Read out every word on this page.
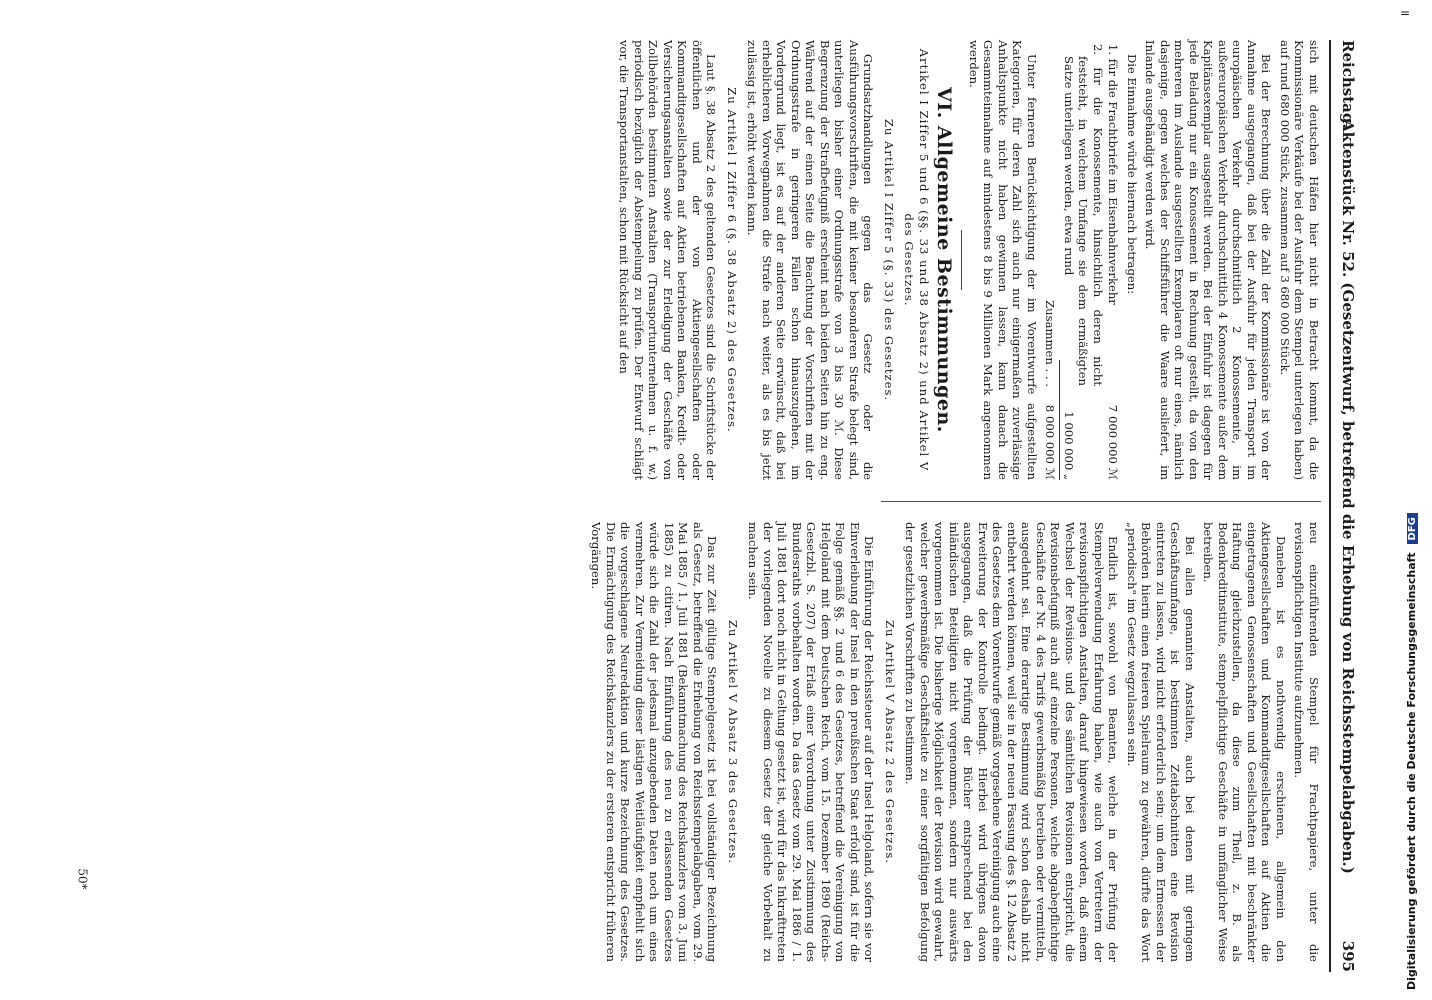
Reichstag.
Aktenstück Nr. 52. (Gesetzentwurf, betreffend die Erhebung von Reichsstempelabgaben.)
395

sich mit deutschen Häfen hier nicht in Betracht kommt, da die Kommissionäre Verkäufe bei der Ausfuhr dem Stempel unterlegen haben) auf rund 680 000 Stück, zusammen auf 3 680 000 Stück.

Bei der Berechnung über die Zahl der Kommissionäre ist von der Annahme ausgegangen, daß bei der Ausfuhr für jeden Transport im europäischen Verkehr durchschnittlich 2 Konossemente, im außereuropäischen Verkehr durchschnittlich 4 Konossemente außer dem Kapitänsexemplar ausgestellt werden. Bei der Einfuhr ist dagegen für jede Beladung nur ein Konossement in Rechnung gestellt, da von den mehreren im Auslande ausgestellten Exemplaren oft nur eines, nämlich dasjenige, gegen welches der Schiffsführer die Waare ausliefert, im Inlande ausgehändigt werden wird.

Die Einnahme würde hiernach betragen:

1. für die Frachtbriefe im Eisenbahnverkehr
7 000 000 ℳ
2. für die Konossemente, hinsichtlich deren nicht feststeht, in welchem Umfange sie dem ermäßigten Satze unterliegen werden, etwa rund
1 000 000 „
Zusammen . . .
8 000 000 ℳ

Unter ferneren Berücksichtigung der im Vorentwurfe aufgestellten Kategorien, für deren Zahl sich auch nur einigermaßen zuverlässige Anhaltspunkte nicht haben gewinnen lassen, kann danach die Gesammteinnahme auf mindestens 8 bis 9 Millionen Mark angenommen werden.

VI. Allgemeine Bestimmungen.

Artikel I Ziffer 5 und 6 (§§. 33 und 38 Absatz 2) und Artikel V des Gesetzes.

Zu Artikel I Ziffer 5 (§. 33) des Gesetzes.

Grundsatzhandlungen gegen das Gesetz oder die Ausführungsvorschriften, die mit keiner besonderen Strafe belegt sind, unterliegen bisher einer Ordnungsstrafe von 3 bis 30 ℳ. Diese Begrenzung der Strafbefugniß erscheint nach beiden Seiten hin zu eng. Während auf der einen Seite die Beachtung der Vorschriften mit der Ordnungsstrafe in geringeren Fällen schon hinauszugehen, im Vordergrund liegt, ist es auf der anderen Seite erwünscht, daß bei erheblicheren Vorwegnahmen die Strafe nach weiter, als es bis jetzt zulässig ist, erhöht werden kann.

Zu Artikel I Ziffer 6 (§. 38 Absatz 2) des Gesetzes.

Laut §. 38 Absatz 2 des geltenden Gesetzes sind die Schriftstücke der öffentlichen und der von Aktiengesellschaften oder Kommanditgesellschaften auf Aktien betriebenen Banken, Kredit- oder Versicherungsanstalten sowie der zur Erledigung der Geschäfte von Zollbehörden bestimmten Anstalten (Transportunternehmen u. f. w.) periodisch bezüglich der Abstempelung zu prüfen. Der Entwurf schlägt vor, die Transportanstalten, schon mit Rücksicht auf den

neu einzuführenden Stempel für Frachtpapiere, unter die revisionspflichtigen Institute aufzunehmen.

Daneben ist es nothwendig erschienen, allgemein den Aktiengesellschaften und Kommanditgesellschaften auf Aktien die eingetragenen Genossenschaften und Gesellschaften mit beschränkter Haftung gleichzustellen, da diese zum Theil, z. B. als Bodenkreditinstitute, stempelpflichtige Geschäfte in umfänglicher Weise betreiben.

Bei allen genannten Anstalten, auch bei denen mit geringem Geschäftsumfange, ist bestimmten Zeitabschnitten eine Revision eintreten zu lassen, wird nicht erforderlich sein; um dem Ermessen der Behörden hierin einen freieren Spielraum zu gewähren, dürfte das Wort „periodisch" im Gesetz wegzulassen sein.

Endlich ist, sowohl von Beamten, welche in der Prüfung der Stempelverwendung Erfahrung haben, wie auch von Vertretern der revisionspflichtigen Anstalten, darauf hingewiesen worden, daß einem Wechsel der Revisions- und des sämtlichen Revisionen entspricht, die Revisionsbefugniß auch auf einzelne Personen, welche abgabepflichtige Geschäfte der Nr. 4 des Tarifs gewerbsmäßig betreiben oder vermitteln, ausgedehnt sei. Eine derartige Bestimmung wird schon deshalb nicht entbehrt werden können, weil sie in der neuen Fassung des §. 12 Absatz 2 des Gesetzes dem Vorentwurfe gemäß vorgesehene Vereinigung auch eine Erweiterung der Kontrolle bedingt. Hierbei wird übrigens davon ausgegangen, daß die Prüfung der Bücher entsprechend bei den inländischen Beteiligten nicht vorgenommen, sondern nur auswärts vorgenommen ist. Die bisherige Möglichkeit der Revision wird gewahrt, welcher gewerbsmäßige Geschäftsleute zu einer sorgfältigen Befolgung der gesetzlichen Vorschriften zu bestimmen.

Zu Artikel V Absatz 2 des Gesetzes.

Die Einführung der Reichssteuer auf der Insel Helgoland, sofern sie vor Einverleibung der Insel in den preußischen Staat erfolgt sind, ist für die Folge gemäß §§. 2 und 6 des Gesetzes, betreffend die Vereinigung von Helgoland mit dem Deutschen Reich, vom 15. Dezember 1890 (Reichs-Gesetzbl. S. 207) der Erlaß einer Verordnung unter Zustimmung des Bundesraths vorbehalten worden. Da das Gesetz vom 29. Mai 1886 / 1. Juli 1881 dort noch nicht in Geltung gesetzt ist, wird für das Inkrafttreten der vorliegenden Novelle zu diesem Gesetz der gleiche Vorbehalt zu machen sein.

Zu Artikel V Absatz 3 des Gesetzes.

Das zur Zeit gültige Stempelgesetz ist bei vollständiger Bezeichnung als Gesetz, betreffend die Erhebung von Reichsstempelabgaben, vom 29. Mai 1885 / 1. Juli 1881 (Bekanntmachung des Reichskanzlers vom 3. Juni 1885) zu citiren. Nach Einführung des neu zu erlassenden Gesetzes würde sich die Zahl der jedesmal anzugebenden Daten noch um eines vermehren. Zur Vermeidung dieser lästigen Weitläufigkeit empfiehlt sich die vorgeschlagene Neuredaktion und kurze Bezeichnung des Gesetzes. Die Ermächtigung des Reichskanzlers zu der ersteren entspricht früheren Vorgängen.

=
50*	Digitalisierung gefördert durch die Deutsche Forschungsgemeinschaft DFG
